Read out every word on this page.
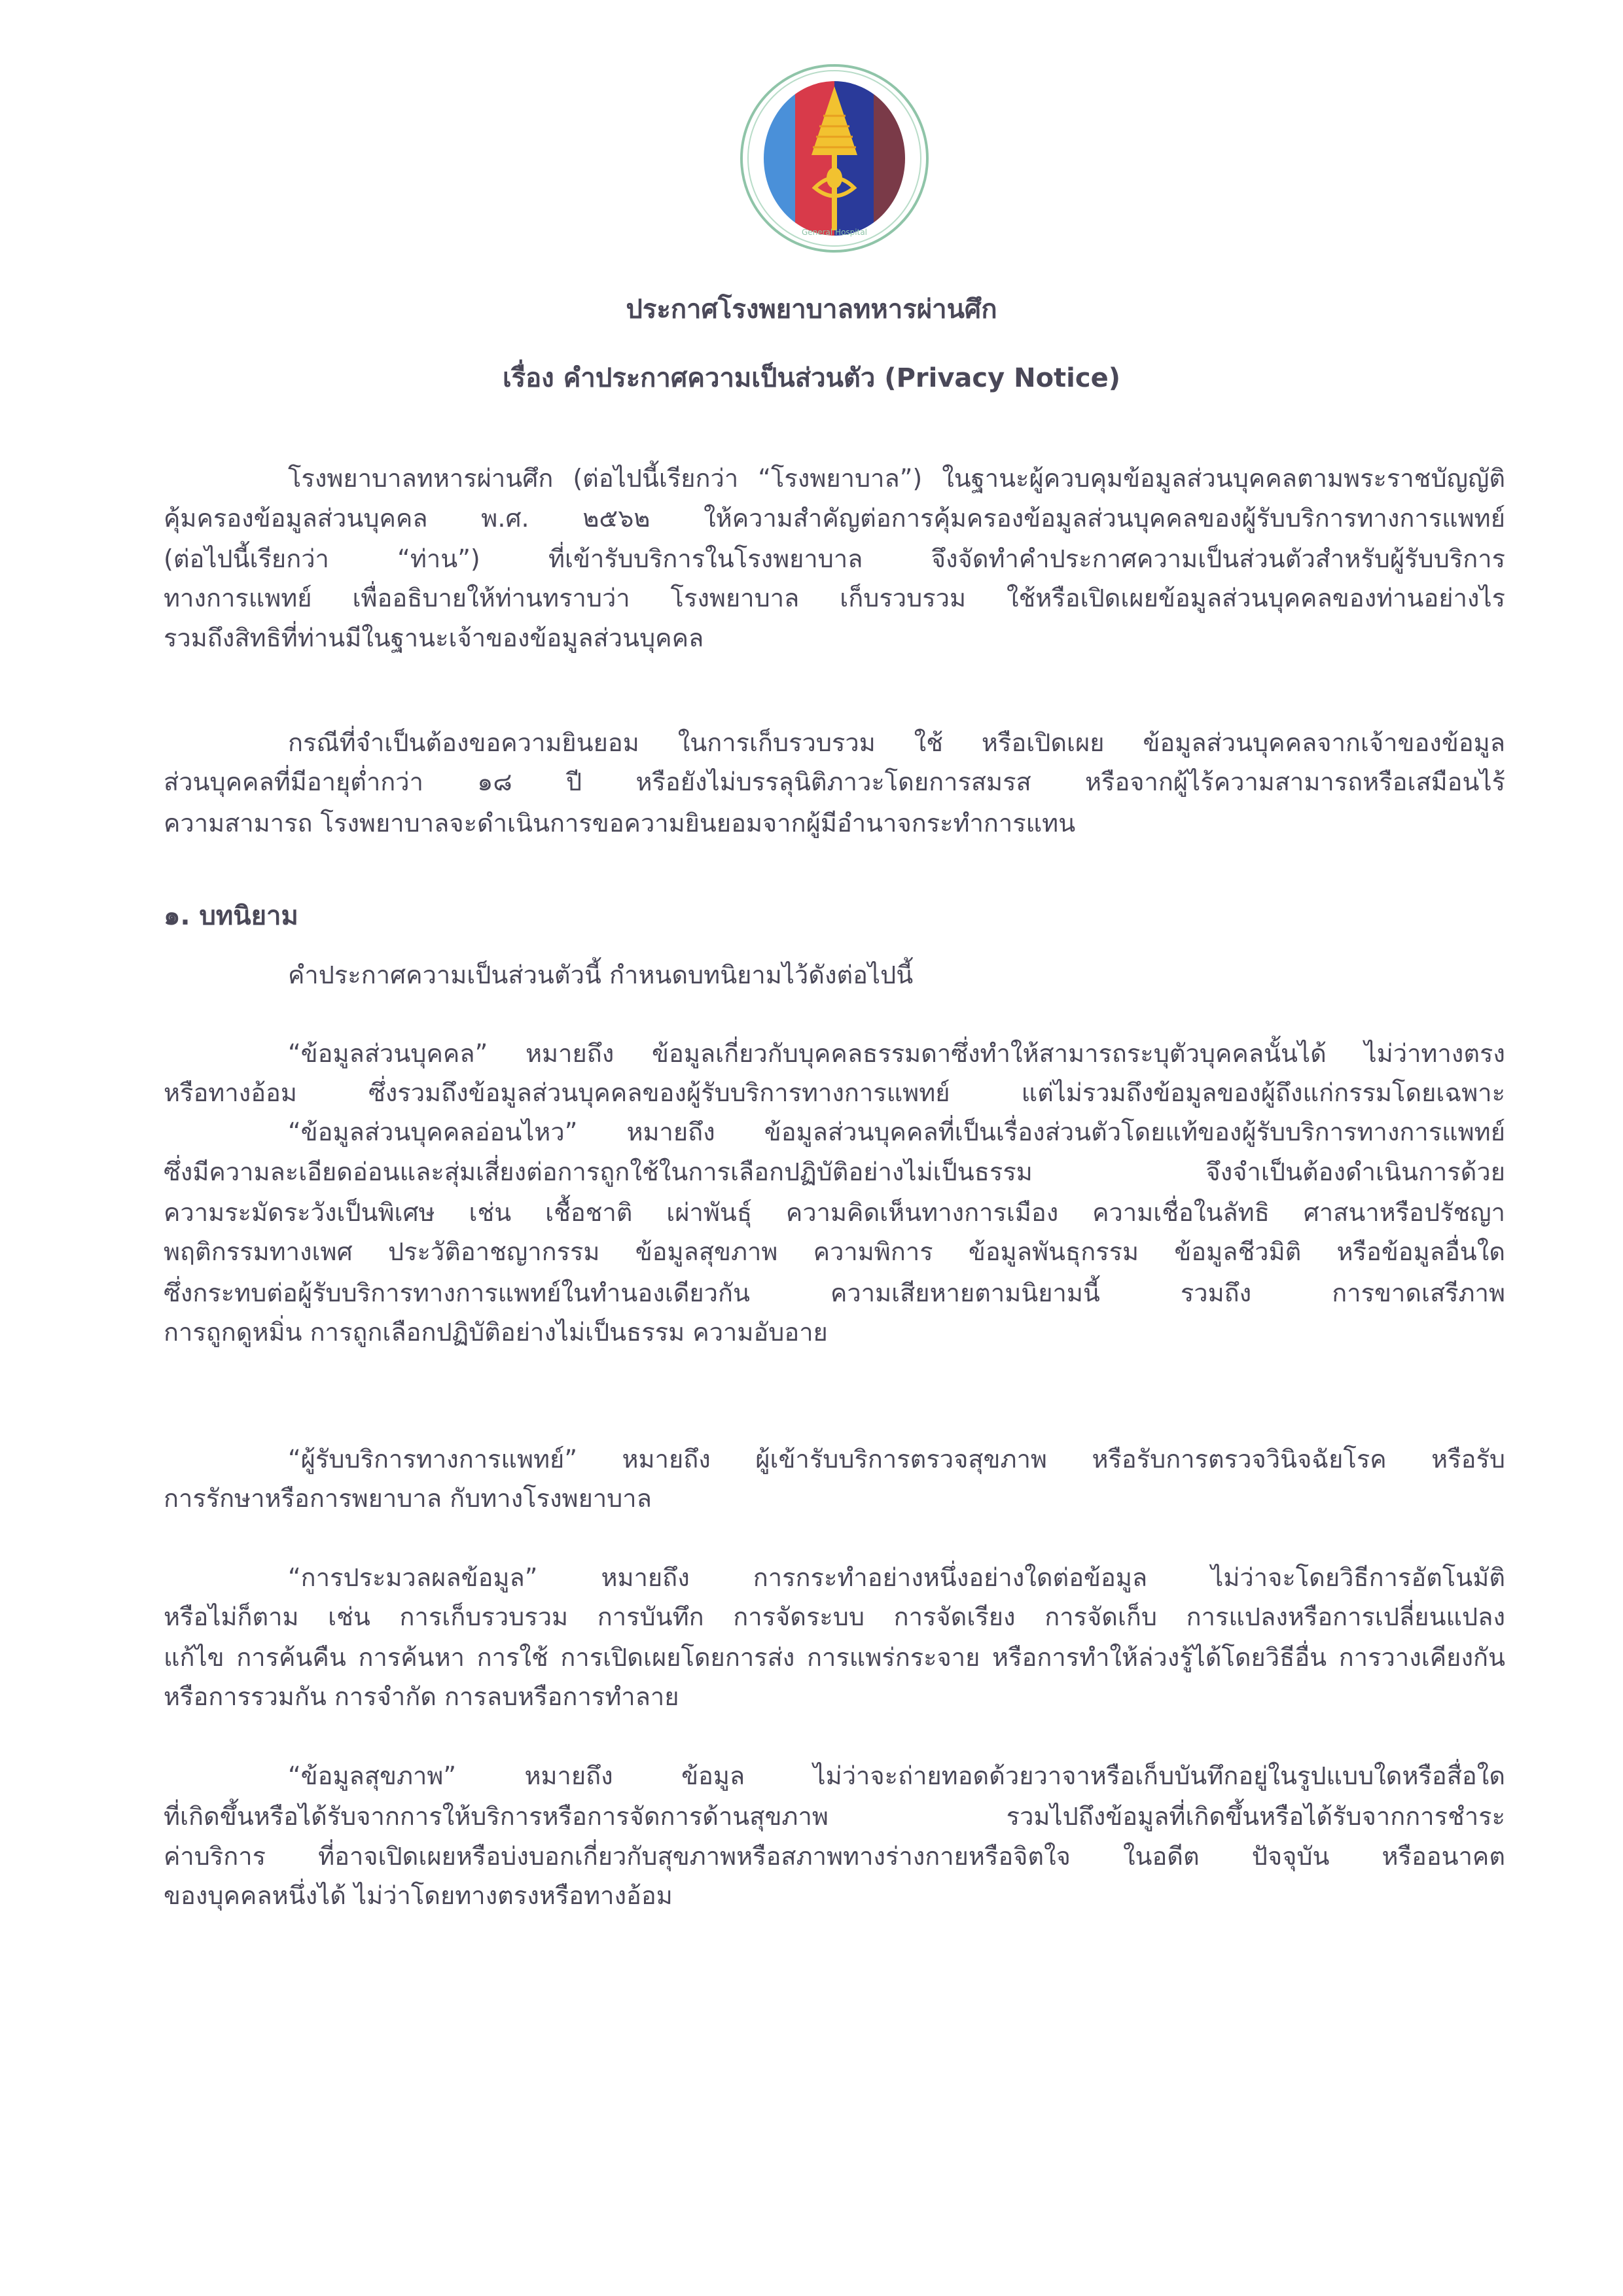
General Hospital
ประกาศโรงพยาบาลทหารผ่านศึก
เรื่อง คำประกาศความเป็นส่วนตัว (Privacy Notice)
โรงพยาบาลทหารผ่านศึก (ต่อไปนี้เรียกว่า “โรงพยาบาล”) ในฐานะผู้ควบคุมข้อมูลส่วนบุคคลตามพระราชบัญญัติ
คุ้มครองข้อมูลส่วนบุคคล พ.ศ. ๒๕๖๒ ให้ความสำคัญต่อการคุ้มครองข้อมูลส่วนบุคคลของผู้รับบริการทางการแพทย์
(ต่อไปนี้เรียกว่า “ท่าน”) ที่เข้ารับบริการในโรงพยาบาล จึงจัดทำคำประกาศความเป็นส่วนตัวสำหรับผู้รับบริการ
ทางการแพทย์ เพื่ออธิบายให้ท่านทราบว่า โรงพยาบาล เก็บรวบรวม ใช้หรือเปิดเผยข้อมูลส่วนบุคคลของท่านอย่างไร
รวมถึงสิทธิที่ท่านมีในฐานะเจ้าของข้อมูลส่วนบุคคล
กรณีที่จำเป็นต้องขอความยินยอม ในการเก็บรวบรวม ใช้ หรือเปิดเผย ข้อมูลส่วนบุคคลจากเจ้าของข้อมูล
ส่วนบุคคลที่มีอายุต่ำกว่า ๑๘ ปี หรือยังไม่บรรลุนิติภาวะโดยการสมรส หรือจากผู้ไร้ความสามารถหรือเสมือนไร้
ความสามารถ โรงพยาบาลจะดำเนินการขอความยินยอมจากผู้มีอำนาจกระทำการแทน
๑. บทนิยาม
คำประกาศความเป็นส่วนตัวนี้ กำหนดบทนิยามไว้ดังต่อไปนี้
“ข้อมูลส่วนบุคคล” หมายถึง ข้อมูลเกี่ยวกับบุคคลธรรมดาซึ่งทำให้สามารถระบุตัวบุคคลนั้นได้ ไม่ว่าทางตรง
หรือทางอ้อม ซึ่งรวมถึงข้อมูลส่วนบุคคลของผู้รับบริการทางการแพทย์ แต่ไม่รวมถึงข้อมูลของผู้ถึงแก่กรรมโดยเฉพาะ
“ข้อมูลส่วนบุคคลอ่อนไหว” หมายถึง ข้อมูลส่วนบุคคลที่เป็นเรื่องส่วนตัวโดยแท้ของผู้รับบริการทางการแพทย์
ซึ่งมีความละเอียดอ่อนและสุ่มเสี่ยงต่อการถูกใช้ในการเลือกปฏิบัติอย่างไม่เป็นธรรม จึงจำเป็นต้องดำเนินการด้วย
ความระมัดระวังเป็นพิเศษ เช่น เชื้อชาติ เผ่าพันธุ์ ความคิดเห็นทางการเมือง ความเชื่อในลัทธิ ศาสนาหรือปรัชญา
พฤติกรรมทางเพศ ประวัติอาชญากรรม ข้อมูลสุขภาพ ความพิการ ข้อมูลพันธุกรรม ข้อมูลชีวมิติ หรือข้อมูลอื่นใด
ซึ่งกระทบต่อผู้รับบริการทางการแพทย์ในทำนองเดียวกัน ความเสียหายตามนิยามนี้ รวมถึง การขาดเสรีภาพ
การถูกดูหมิ่น การถูกเลือกปฏิบัติอย่างไม่เป็นธรรม ความอับอาย
“ผู้รับบริการทางการแพทย์” หมายถึง ผู้เข้ารับบริการตรวจสุขภาพ หรือรับการตรวจวินิจฉัยโรค หรือรับ
การรักษาหรือการพยาบาล กับทางโรงพยาบาล
“การประมวลผลข้อมูล” หมายถึง การกระทำอย่างหนึ่งอย่างใดต่อข้อมูล ไม่ว่าจะโดยวิธีการอัตโนมัติ
หรือไม่ก็ตาม เช่น การเก็บรวบรวม การบันทึก การจัดระบบ การจัดเรียง การจัดเก็บ การแปลงหรือการเปลี่ยนแปลง
แก้ไข การค้นคืน การค้นหา การใช้ การเปิดเผยโดยการส่ง การแพร่กระจาย หรือการทำให้ล่วงรู้ได้โดยวิธีอื่น การวางเคียงกัน
หรือการรวมกัน การจำกัด การลบหรือการทำลาย
“ข้อมูลสุขภาพ” หมายถึง ข้อมูล ไม่ว่าจะถ่ายทอดด้วยวาจาหรือเก็บบันทึกอยู่ในรูปแบบใดหรือสื่อใด
ที่เกิดขึ้นหรือได้รับจากการให้บริการหรือการจัดการด้านสุขภาพ รวมไปถึงข้อมูลที่เกิดขึ้นหรือได้รับจากการชำระ
ค่าบริการ ที่อาจเปิดเผยหรือบ่งบอกเกี่ยวกับสุขภาพหรือสภาพทางร่างกายหรือจิตใจ ในอดีต ปัจจุบัน หรืออนาคต
ของบุคคลหนึ่งได้ ไม่ว่าโดยทางตรงหรือทางอ้อม
